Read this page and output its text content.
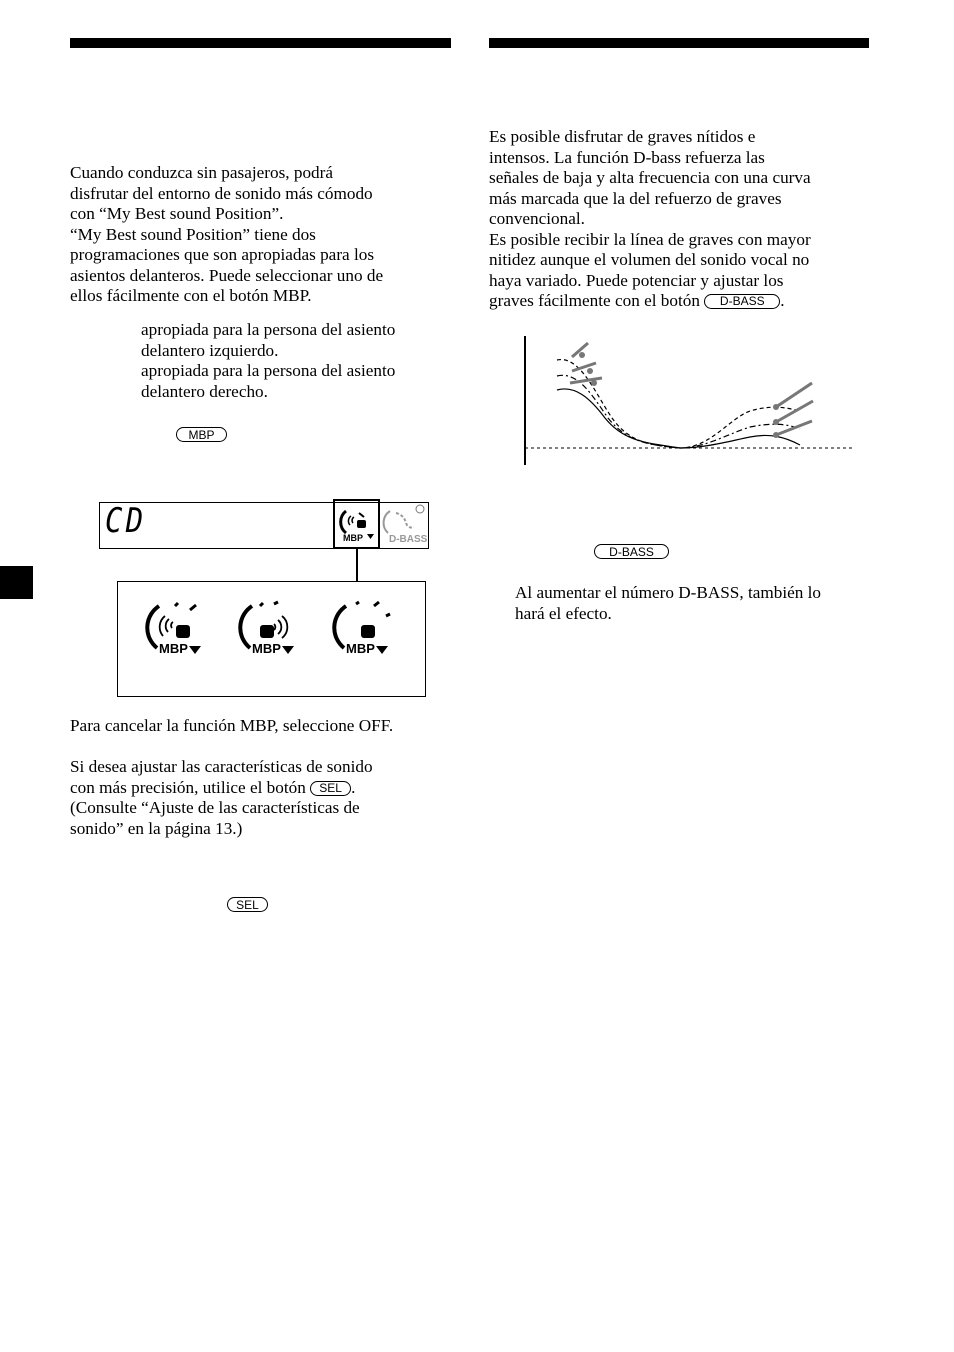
Cuando conduzca sin pasajeros, podrá
disfrutar del entorno de sonido más cómodo
con “My Best sound Position”.
“My Best sound Position” tiene dos
programaciones que son apropiadas para los
asientos delanteros. Puede seleccionar uno de
ellos fácilmente con el botón MBP.

apropiada para la persona del asiento
delantero izquierdo.

apropiada para la persona del asiento
delantero derecho.

MBP
CD	MBP	D-BASS
MBP	MBP	MBP

Para cancelar la función MBP, seleccione OFF.

Si desea ajustar las características de sonido
con más precisión, utilice el botón SEL .
(Consulte “Ajuste de las características de
sonido” en la página 13.)

SEL

Es posible disfrutar de graves nítidos e
intensos. La función D-bass refuerza las
señales de baja y alta frecuencia con una curva
más marcada que la del refuerzo de graves
convencional.
Es posible recibir la línea de graves con mayor
nitidez aunque el volumen del sonido vocal no
haya variado. Puede potenciar y ajustar los
graves fácilmente con el botón D-BASS .

D-BASS

Al aumentar el número D-BASS, también lo
hará el efecto.
